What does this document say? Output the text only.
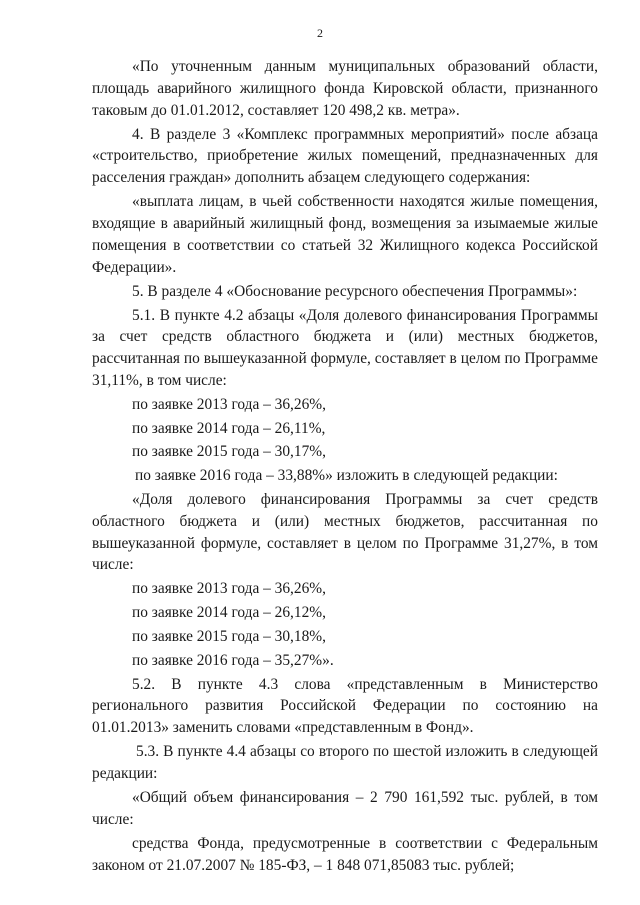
2

«По уточненным данным муниципальных образований области, площадь аварийного жилищного фонда Кировской области, признанного таковым до 01.01.2012, составляет 120 498,2 кв. метра».

4. В разделе 3 «Комплекс программных мероприятий» после абзаца «строительство, приобретение жилых помещений, предназначенных для расселения граждан» дополнить абзацем следующего содержания:

«выплата лицам, в чьей собственности находятся жилые помещения, входящие в аварийный жилищный фонд, возмещения за изымаемые жилые помещения в соответствии со статьей 32 Жилищного кодекса Российской Федерации».

5. В разделе 4 «Обоснование ресурсного обеспечения Программы»:

5.1. В пункте 4.2 абзацы «Доля долевого финансирования Программы за счет средств областного бюджета и (или) местных бюджетов, рассчитанная по вышеуказанной формуле, составляет в целом по Программе 31,11%, в том числе:

по заявке 2013 года – 36,26%,

по заявке 2014 года – 26,11%,

по заявке 2015 года – 30,17%,

по заявке 2016 года – 33,88%» изложить в следующей редакции:

«Доля долевого финансирования Программы за счет средств областного бюджета и (или) местных бюджетов, рассчитанная по вышеуказанной формуле, составляет в целом по Программе 31,27%, в том числе:

по заявке 2013 года – 36,26%,

по заявке 2014 года – 26,12%,

по заявке 2015 года – 30,18%,

по заявке 2016 года – 35,27%».

5.2. В пункте 4.3 слова «представленным в Министерство регионального развития Российской Федерации по состоянию на 01.01.2013» заменить словами «представленным в Фонд».

5.3. В пункте 4.4 абзацы со второго по шестой изложить в следующей редакции:

«Общий объем финансирования – 2 790 161,592 тыс. рублей, в том числе:

средства Фонда, предусмотренные в соответствии с Федеральным законом от 21.07.2007 № 185-ФЗ, – 1 848 071,85083 тыс. рублей;
